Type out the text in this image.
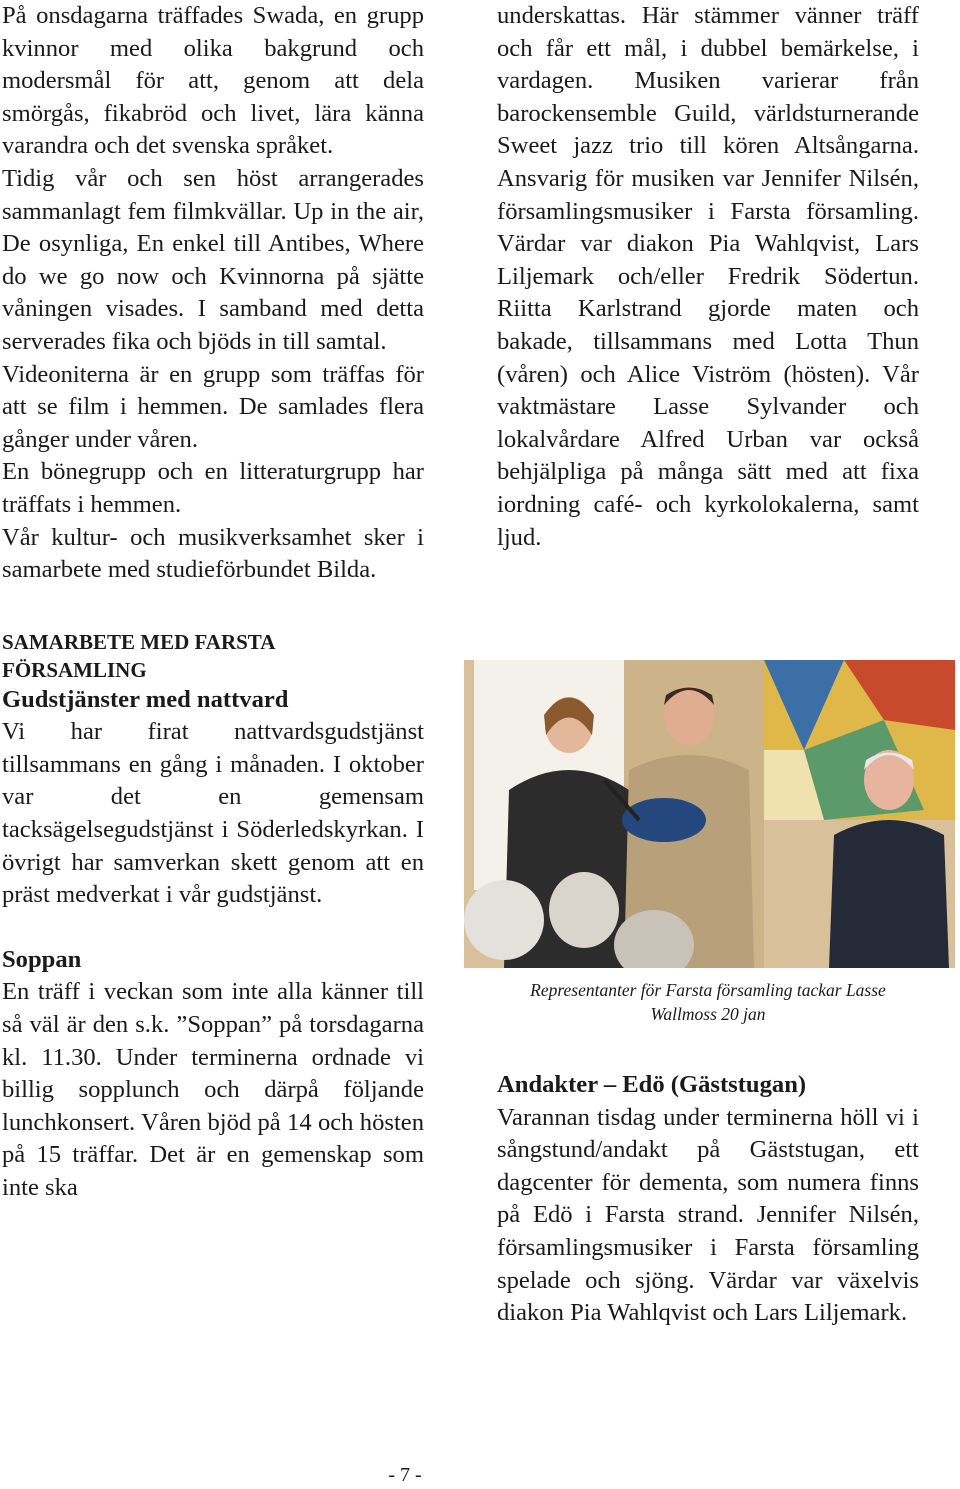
På onsdagarna träffades Swada, en grupp kvinnor med olika bakgrund och modersmål för att, genom att dela smörgås, fikabröd och livet, lära känna varandra och det svenska språket.

Tidig vår och sen höst arrangerades sammanlagt fem filmkvällar. Up in the air, De osynliga, En enkel till Antibes, Where do we go now och Kvinnorna på sjätte våningen visades. I samband med detta serverades fika och bjöds in till samtal.

Videoniterna är en grupp som träffas för att se film i hemmen. De samlades flera gånger under våren.

En bönegrupp och en litteraturgrupp har träffats i hemmen.

Vår kultur- och musikverksamhet sker i samarbete med studieförbundet Bilda.

SAMARBETE MED FARSTA FÖRSAMLING

Gudstjänster med nattvard

Vi har firat nattvardsgudstjänst tillsammans en gång i månaden. I oktober var det en gemensam tacksägelsegudstjänst i Söderledskyrkan. I övrigt har samverkan skett genom att en präst medverkat i vår gudstjänst.

Soppan

En träff i veckan som inte alla känner till så väl är den s.k. ”Soppan” på torsdagarna kl. 11.30. Under terminerna ordnade vi billig sopplunch och därpå följande lunchkonsert. Våren bjöd på 14 och hösten på 15 träffar. Det är en gemenskap som inte ska

underskattas. Här stämmer vänner träff och får ett mål, i dubbel bemärkelse, i vardagen. Musiken varierar från barockensemble Guild, världsturnerande Sweet jazz trio till kören Altsångarna. Ansvarig för musiken var Jennifer Nilsén, församlingsmusiker i Farsta församling. Värdar var diakon Pia Wahlqvist, Lars Liljemark och/eller Fredrik Södertun. Riitta Karlstrand gjorde maten och bakade, tillsammans med Lotta Thun (våren) och Alice Viström (hösten). Vår vaktmästare Lasse Sylvander och lokalvårdare Alfred Urban var också behjälpliga på många sätt med att fixa iordning café- och kyrkolokalerna, samt ljud.

Representanter för Farsta församling tackar Lasse Wallmoss 20 jan

Andakter – Edö (Gäststugan)

Varannan tisdag under terminerna höll vi i sångstund/andakt på Gäststugan, ett dagcenter för dementa, som numera finns på Edö i Farsta strand. Jennifer Nilsén, församlingsmusiker i Farsta församling spelade och sjöng. Värdar var växelvis diakon Pia Wahlqvist och Lars Liljemark.

- 7 -
